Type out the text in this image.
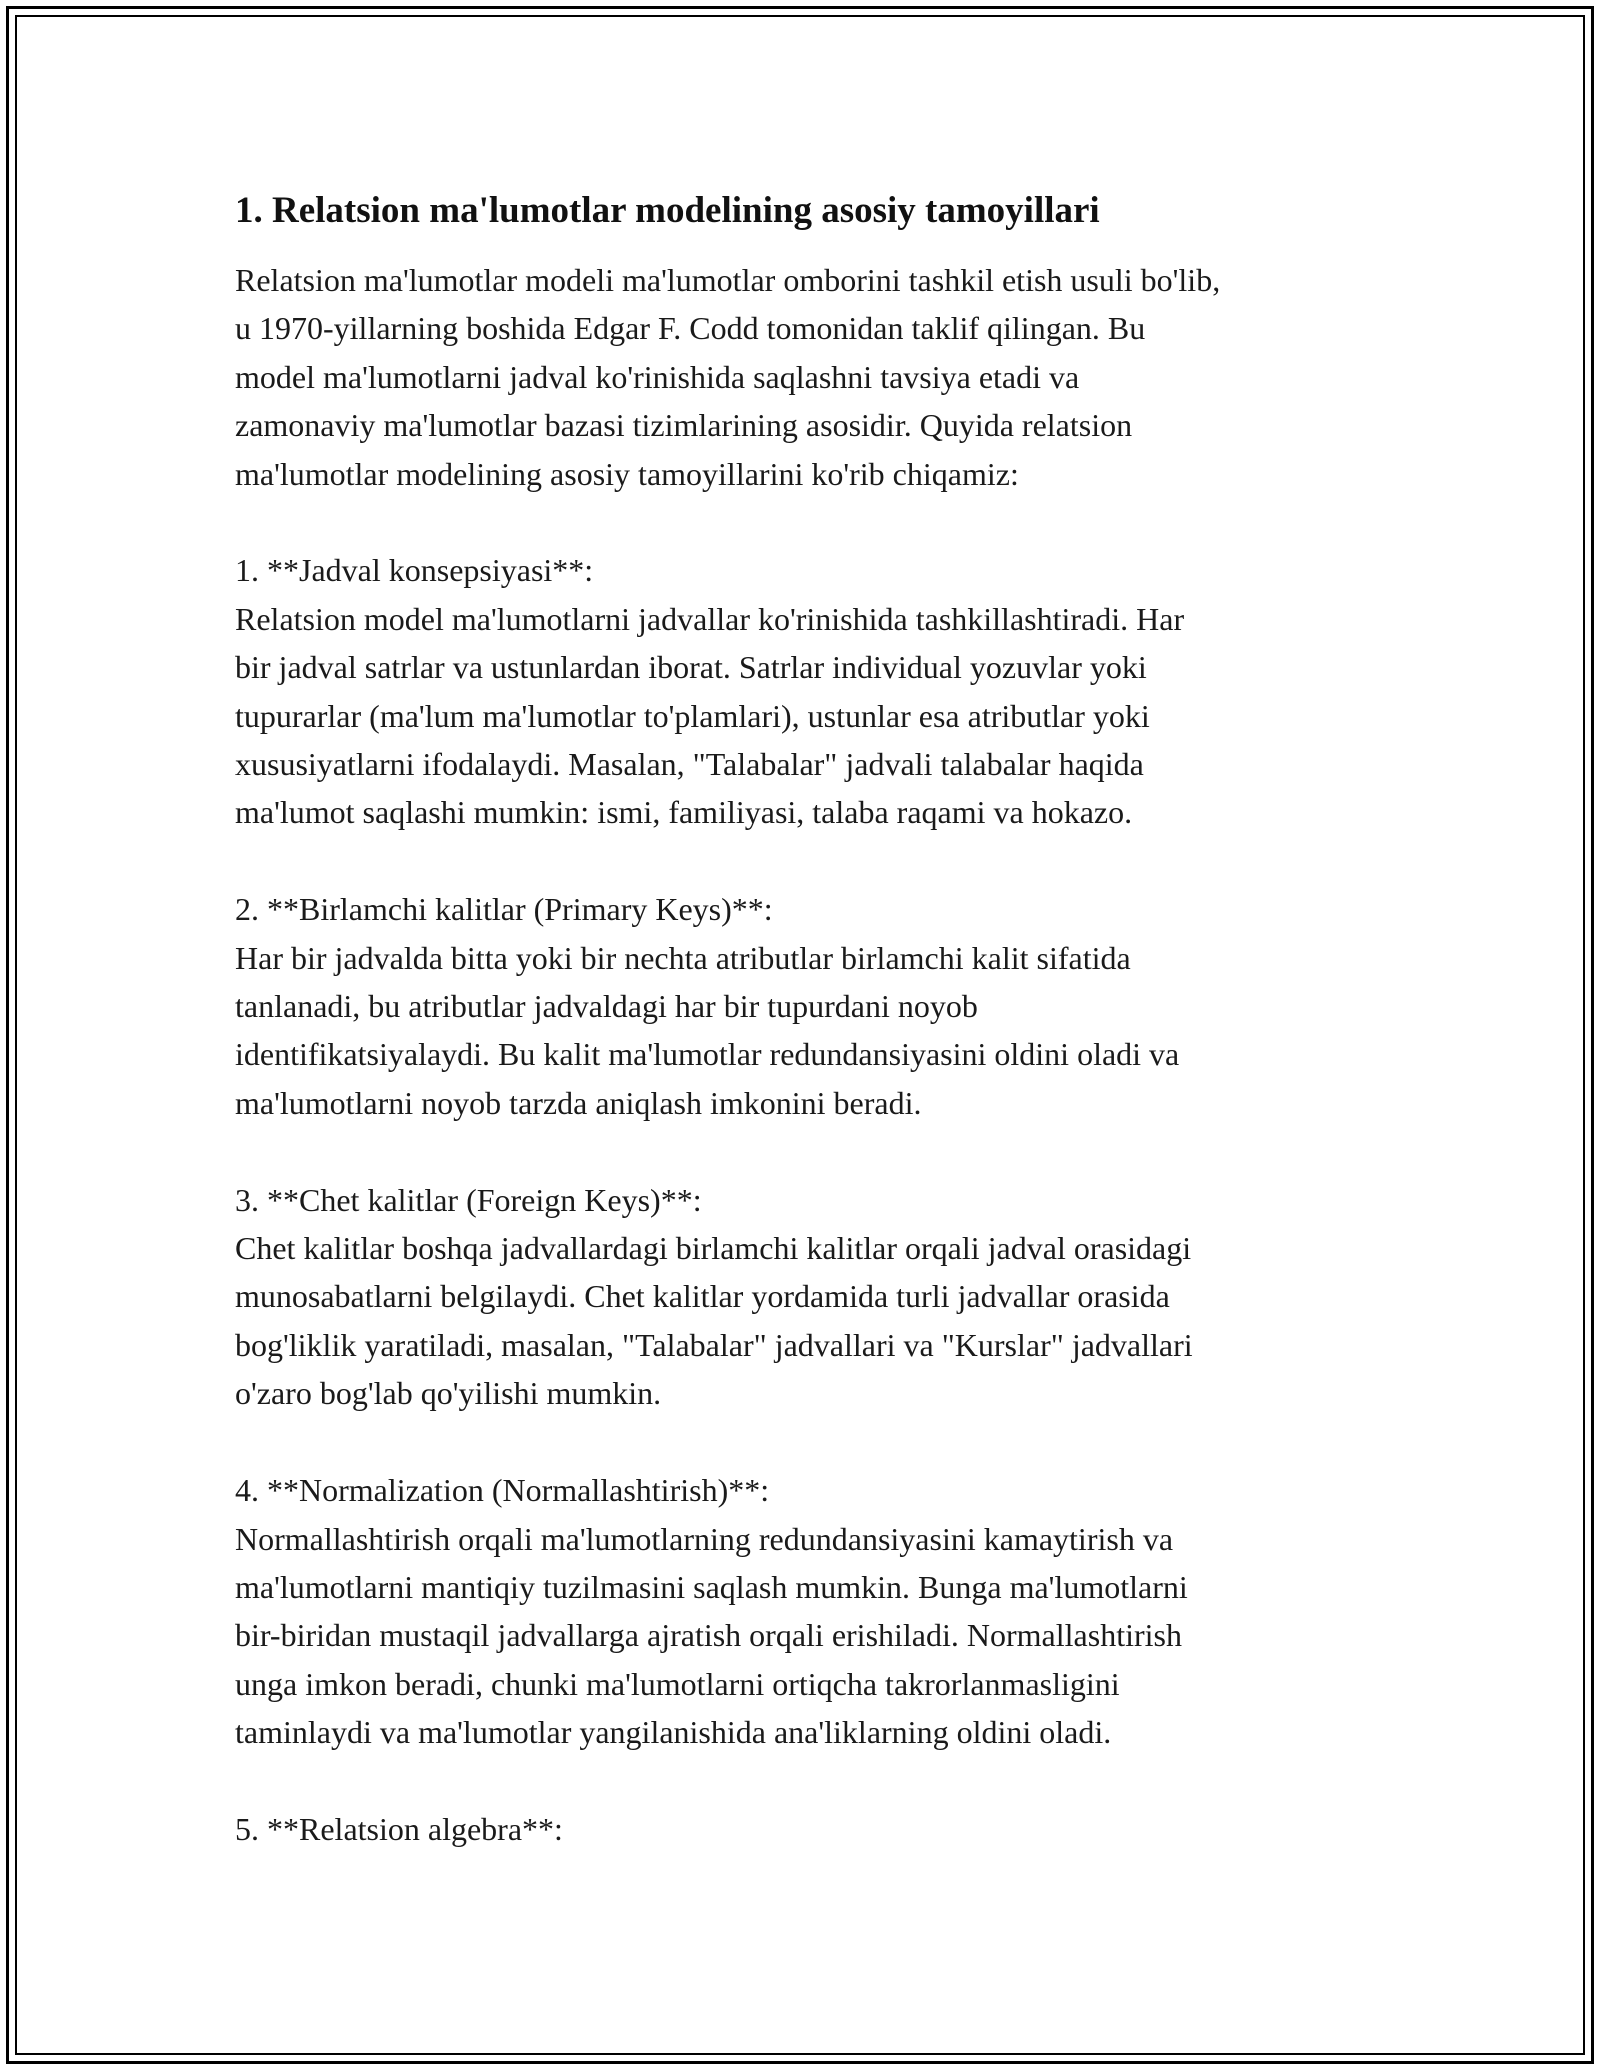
1. Relatsion ma'lumotlar modelining asosiy tamoyillari

Relatsion ma'lumotlar modeli ma'lumotlar omborini tashkil etish usuli bo'lib,
u 1970-yillarning boshida Edgar F. Codd tomonidan taklif qilingan. Bu
model ma'lumotlarni jadval ko'rinishida saqlashni tavsiya etadi va
zamonaviy ma'lumotlar bazasi tizimlarining asosidir. Quyida relatsion
ma'lumotlar modelining asosiy tamoyillarini ko'rib chiqamiz:

1. **Jadval konsepsiyasi**:

Relatsion model ma'lumotlarni jadvallar ko'rinishida tashkillashtiradi. Har
bir jadval satrlar va ustunlardan iborat. Satrlar individual yozuvlar yoki
tupurarlar (ma'lum ma'lumotlar to'plamlari), ustunlar esa atributlar yoki
xususiyatlarni ifodalaydi. Masalan, "Talabalar" jadvali talabalar haqida
ma'lumot saqlashi mumkin: ismi, familiyasi, talaba raqami va hokazo.

2. **Birlamchi kalitlar (Primary Keys)**:

Har bir jadvalda bitta yoki bir nechta atributlar birlamchi kalit sifatida
tanlanadi, bu atributlar jadvaldagi har bir tupurdani noyob
identifikatsiyalaydi. Bu kalit ma'lumotlar redundansiyasini oldini oladi va
ma'lumotlarni noyob tarzda aniqlash imkonini beradi.

3. **Chet kalitlar (Foreign Keys)**:

Chet kalitlar boshqa jadvallardagi birlamchi kalitlar orqali jadval orasidagi
munosabatlarni belgilaydi. Chet kalitlar yordamida turli jadvallar orasida
bog'liklik yaratiladi, masalan, "Talabalar" jadvallari va "Kurslar" jadvallari
o'zaro bog'lab qo'yilishi mumkin.

4. **Normalization (Normallashtirish)**:

Normallashtirish orqali ma'lumotlarning redundansiyasini kamaytirish va
ma'lumotlarni mantiqiy tuzilmasini saqlash mumkin. Bunga ma'lumotlarni
bir-biridan mustaqil jadvallarga ajratish orqali erishiladi. Normallashtirish
unga imkon beradi, chunki ma'lumotlarni ortiqcha takrorlanmasligini
taminlaydi va ma'lumotlar yangilanishida ana'liklarning oldini oladi.

5. **Relatsion algebra**:
